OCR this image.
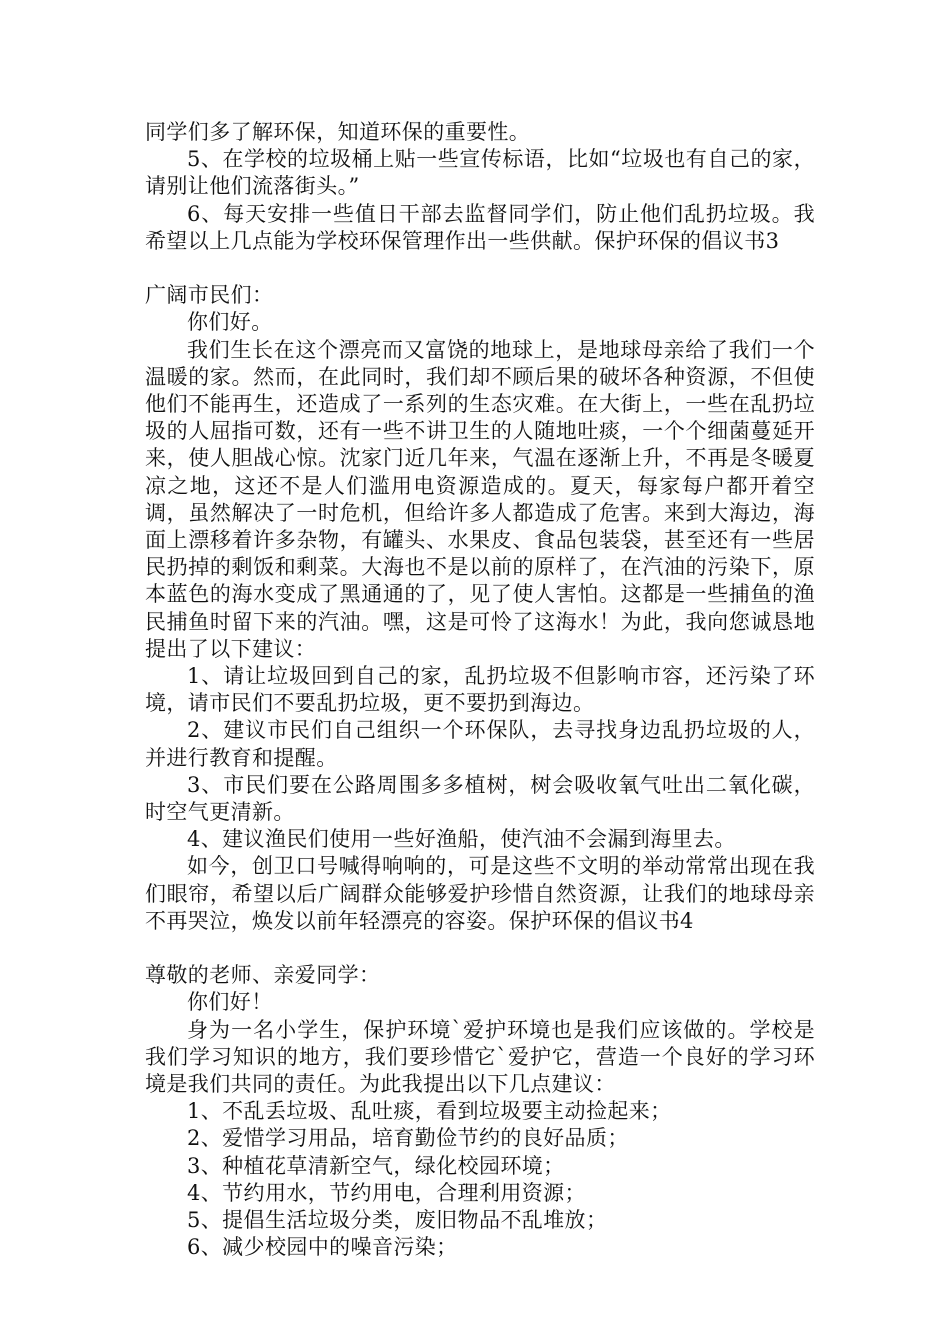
同学们多了解环保，知道环保的重要性。

5、在学校的垃圾桶上贴一些宣传标语，比如“垃圾也有自己的家，请别让他们流落街头。”

6、每天安排一些值日干部去监督同学们，防止他们乱扔垃圾。我希望以上几点能为学校环保管理作出一些供献。保护环保的倡议书3

广阔市民们：

你们好。

我们生长在这个漂亮而又富饶的地球上，是地球母亲给了我们一个温暖的家。然而，在此同时，我们却不顾后果的破坏各种资源，不但使他们不能再生，还造成了一系列的生态灾难。在大街上，一些在乱扔垃圾的人屈指可数，还有一些不讲卫生的人随地吐痰，一个个细菌蔓延开来，使人胆战心惊。沈家门近几年来，气温在逐渐上升，不再是冬暖夏凉之地，这还不是人们滥用电资源造成的。夏天，每家每户都开着空调，虽然解决了一时危机，但给许多人都造成了危害。来到大海边，海面上漂移着许多杂物，有罐头、水果皮、食品包装袋，甚至还有一些居民扔掉的剩饭和剩菜。大海也不是以前的原样了，在汽油的污染下，原本蓝色的海水变成了黑通通的了，见了使人害怕。这都是一些捕鱼的渔民捕鱼时留下来的汽油。嘿，这是可怜了这海水！为此，我向您诚恳地提出了以下建议：

1、请让垃圾回到自己的家，乱扔垃圾不但影响市容，还污染了环境，请市民们不要乱扔垃圾，更不要扔到海边。

2、建议市民们自己组织一个环保队，去寻找身边乱扔垃圾的人，并进行教育和提醒。

3、市民们要在公路周围多多植树，树会吸收氧气吐出二氧化碳，时空气更清新。

4、建议渔民们使用一些好渔船，使汽油不会漏到海里去。

如今，创卫口号喊得响响的，可是这些不文明的举动常常出现在我们眼帘，希望以后广阔群众能够爱护珍惜自然资源，让我们的地球母亲不再哭泣，焕发以前年轻漂亮的容姿。保护环保的倡议书4

尊敬的老师、亲爱同学：

你们好！

身为一名小学生，保护环境`爱护环境也是我们应该做的。学校是我们学习知识的地方，我们要珍惜它`爱护它，营造一个良好的学习环境是我们共同的责任。为此我提出以下几点建议：

1、不乱丢垃圾、乱吐痰，看到垃圾要主动捡起来；

2、爱惜学习用品，培育勤俭节约的良好品质；

3、种植花草清新空气，绿化校园环境；

4、节约用水，节约用电，合理利用资源；

5、提倡生活垃圾分类，废旧物品不乱堆放；

6、减少校园中的噪音污染；
